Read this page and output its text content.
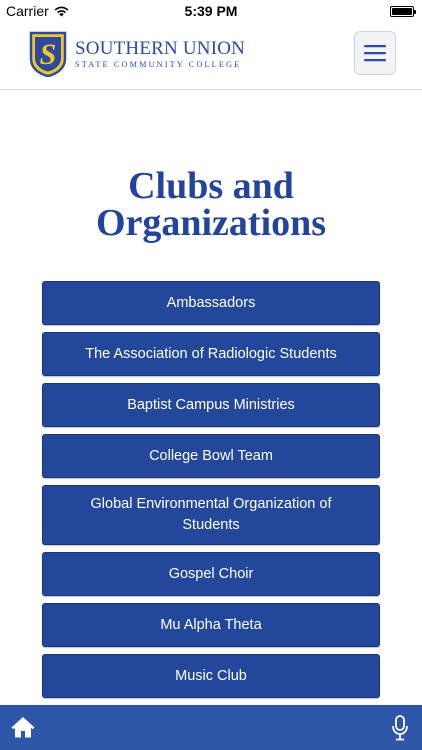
Carrier	5:39 PM
S SOUTHERN UNION
STATE COMMUNITY COLLEGE
Clubs and
Organizations
Ambassadors
The Association of Radiologic Students
Baptist Campus Ministries
College Bowl Team
Global Environmental Organization of Students
Gospel Choir
Mu Alpha Theta
Music Club
